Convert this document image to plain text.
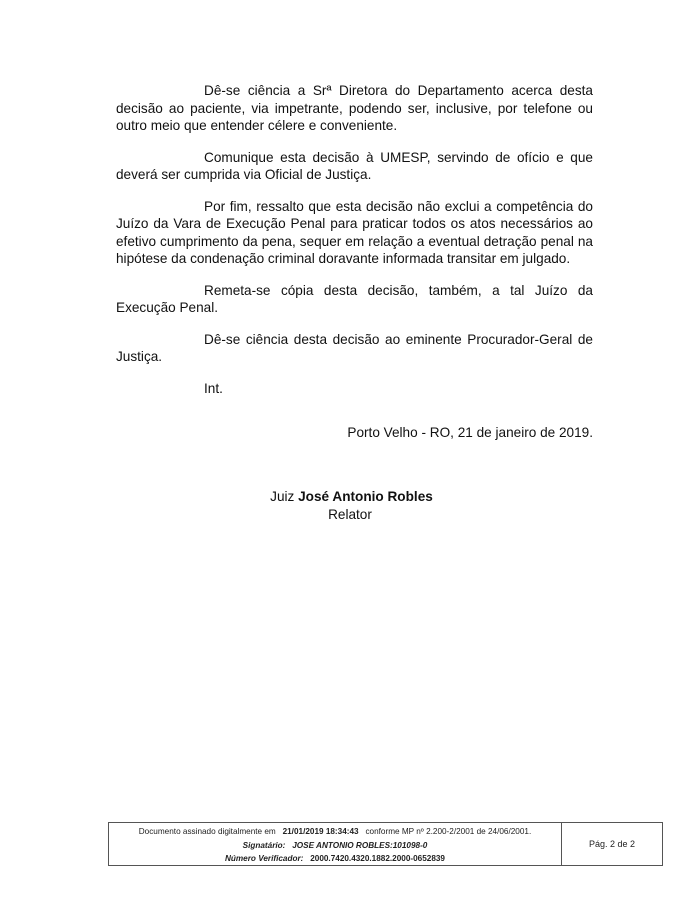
Dê-se ciência a Srª Diretora do Departamento acerca desta decisão ao paciente, via impetrante, podendo ser, inclusive, por telefone ou outro meio que entender célere e conveniente.

Comunique esta decisão à UMESP, servindo de ofício e que deverá ser cumprida via Oficial de Justiça.

Por fim, ressalto que esta decisão não exclui a competência do Juízo da Vara de Execução Penal para praticar todos os atos necessários ao efetivo cumprimento da pena, sequer em relação a eventual detração penal na hipótese da condenação criminal doravante informada transitar em julgado.

Remeta-se cópia desta decisão, também, a tal Juízo da Execução Penal.

Dê-se ciência desta decisão ao eminente Procurador-Geral de Justiça.

Int.

Porto Velho - RO, 21 de janeiro de 2019.
Juiz José Antonio Robles
Relator
Documento assinado digitalmente em 21/01/2019 18:34:43 conforme MP nº 2.200-2/2001 de 24/06/2001.
Signatário: JOSE ANTONIO ROBLES:101098-0
Número Verificador: 2000.7420.4320.1882.2000-0652839
Pág. 2 de 2
